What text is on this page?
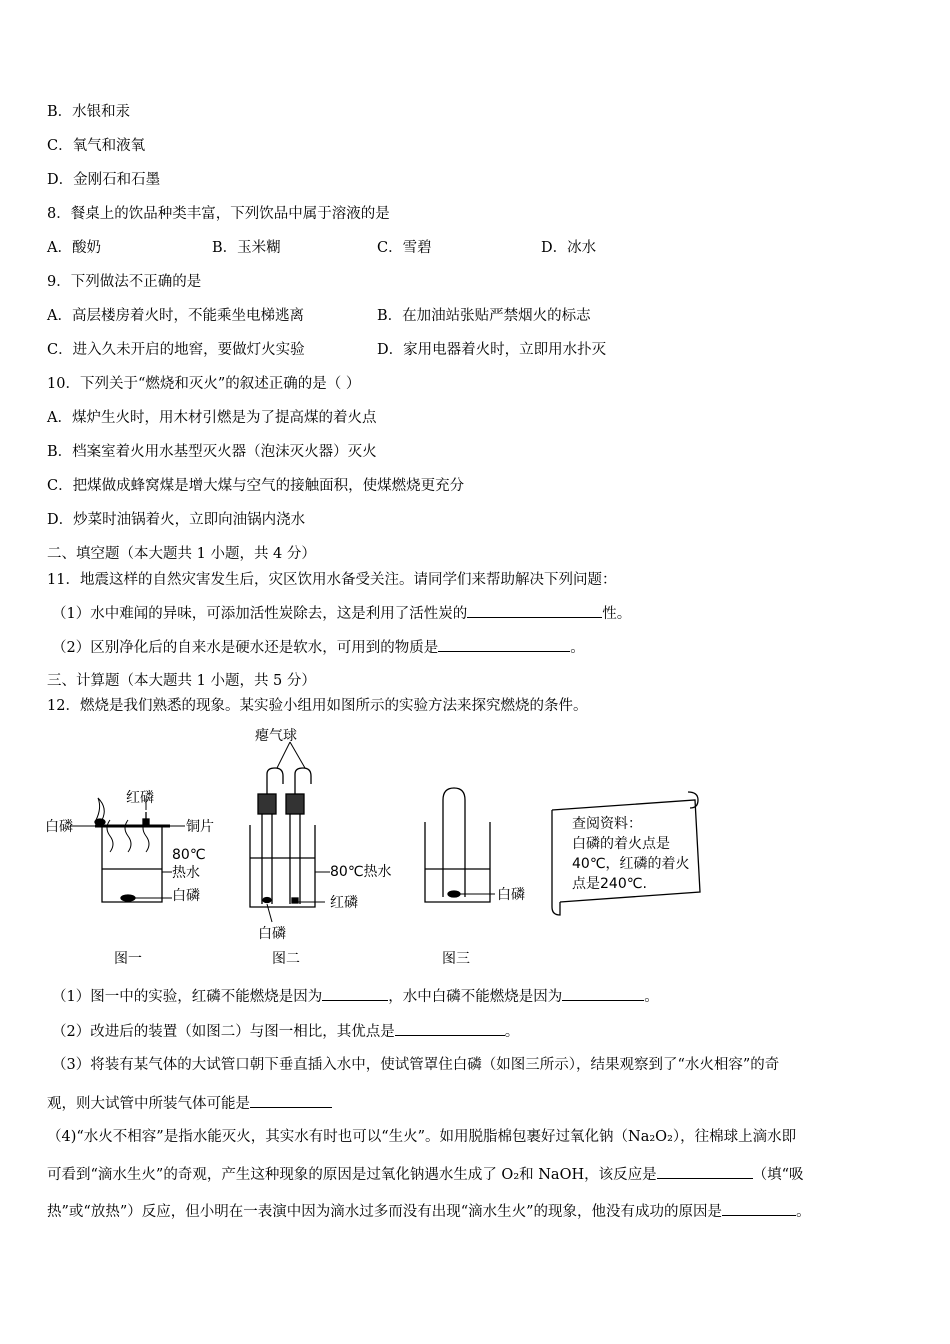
B．水银和汞
C．氧气和液氧
D．金刚石和石墨
8．餐桌上的饮品种类丰富，下列饮品中属于溶液的是
A．酸奶	B．玉米糊	C．雪碧	D．冰水
9．下列做法不正确的是
A．高层楼房着火时，不能乘坐电梯逃离	B．在加油站张贴严禁烟火的标志
C．进入久未开启的地窖，要做灯火实验	D．家用电器着火时，立即用水扑灭
10．下列关于“燃烧和灭火”的叙述正确的是（ ）
A．煤炉生火时，用木材引燃是为了提高煤的着火点
B．档案室着火用水基型灭火器（泡沫灭火器）灭火
C．把煤做成蜂窝煤是增大煤与空气的接触面积，使煤燃烧更充分
D．炒菜时油锅着火，立即向油锅内浇水
二、填空题（本大题共 1 小题，共 4 分）
11．地震这样的自然灾害发生后，灾区饮用水备受关注。请同学们来帮助解决下列问题：
（1）水中难闻的异味，可添加活性炭除去，这是利用了活性炭的	性。
（2）区别净化后的自来水是硬水还是软水，可用到的物质是	。
三、计算题（本大题共 1 小题，共 5 分）
12．燃烧是我们熟悉的现象。某实验小组用如图所示的实验方法来探究燃烧的条件。
瘪气球
红磷
白磷	铜片
80℃
热水
白磷
80℃热水
红磷
白磷
白磷
图一	图二	图三
查阅资料：
白磷的着火点是
40℃，红磷的着火
点是240℃.
（1）图一中的实验，红磷不能燃烧是因为	，水中白磷不能燃烧是因为	。
（2）改进后的装置（如图二）与图一相比，其优点是	。
（3）将装有某气体的大试管口朝下垂直插入水中，使试管罩住白磷（如图三所示），结果观察到了“水火相容”的奇
观，则大试管中所装气体可能是
（4)“水火不相容”是指水能灭火，其实水有时也可以“生火”。如用脱脂棉包裹好过氧化钠（Na₂O₂），往棉球上滴水即
可看到“滴水生火”的奇观，产生这种现象的原因是过氧化钠遇水生成了 O₂和 NaOH，该反应是	（填“吸
热”或“放热”）反应，但小明在一表演中因为滴水过多而没有出现“滴水生火”的现象，他没有成功的原因是	。
